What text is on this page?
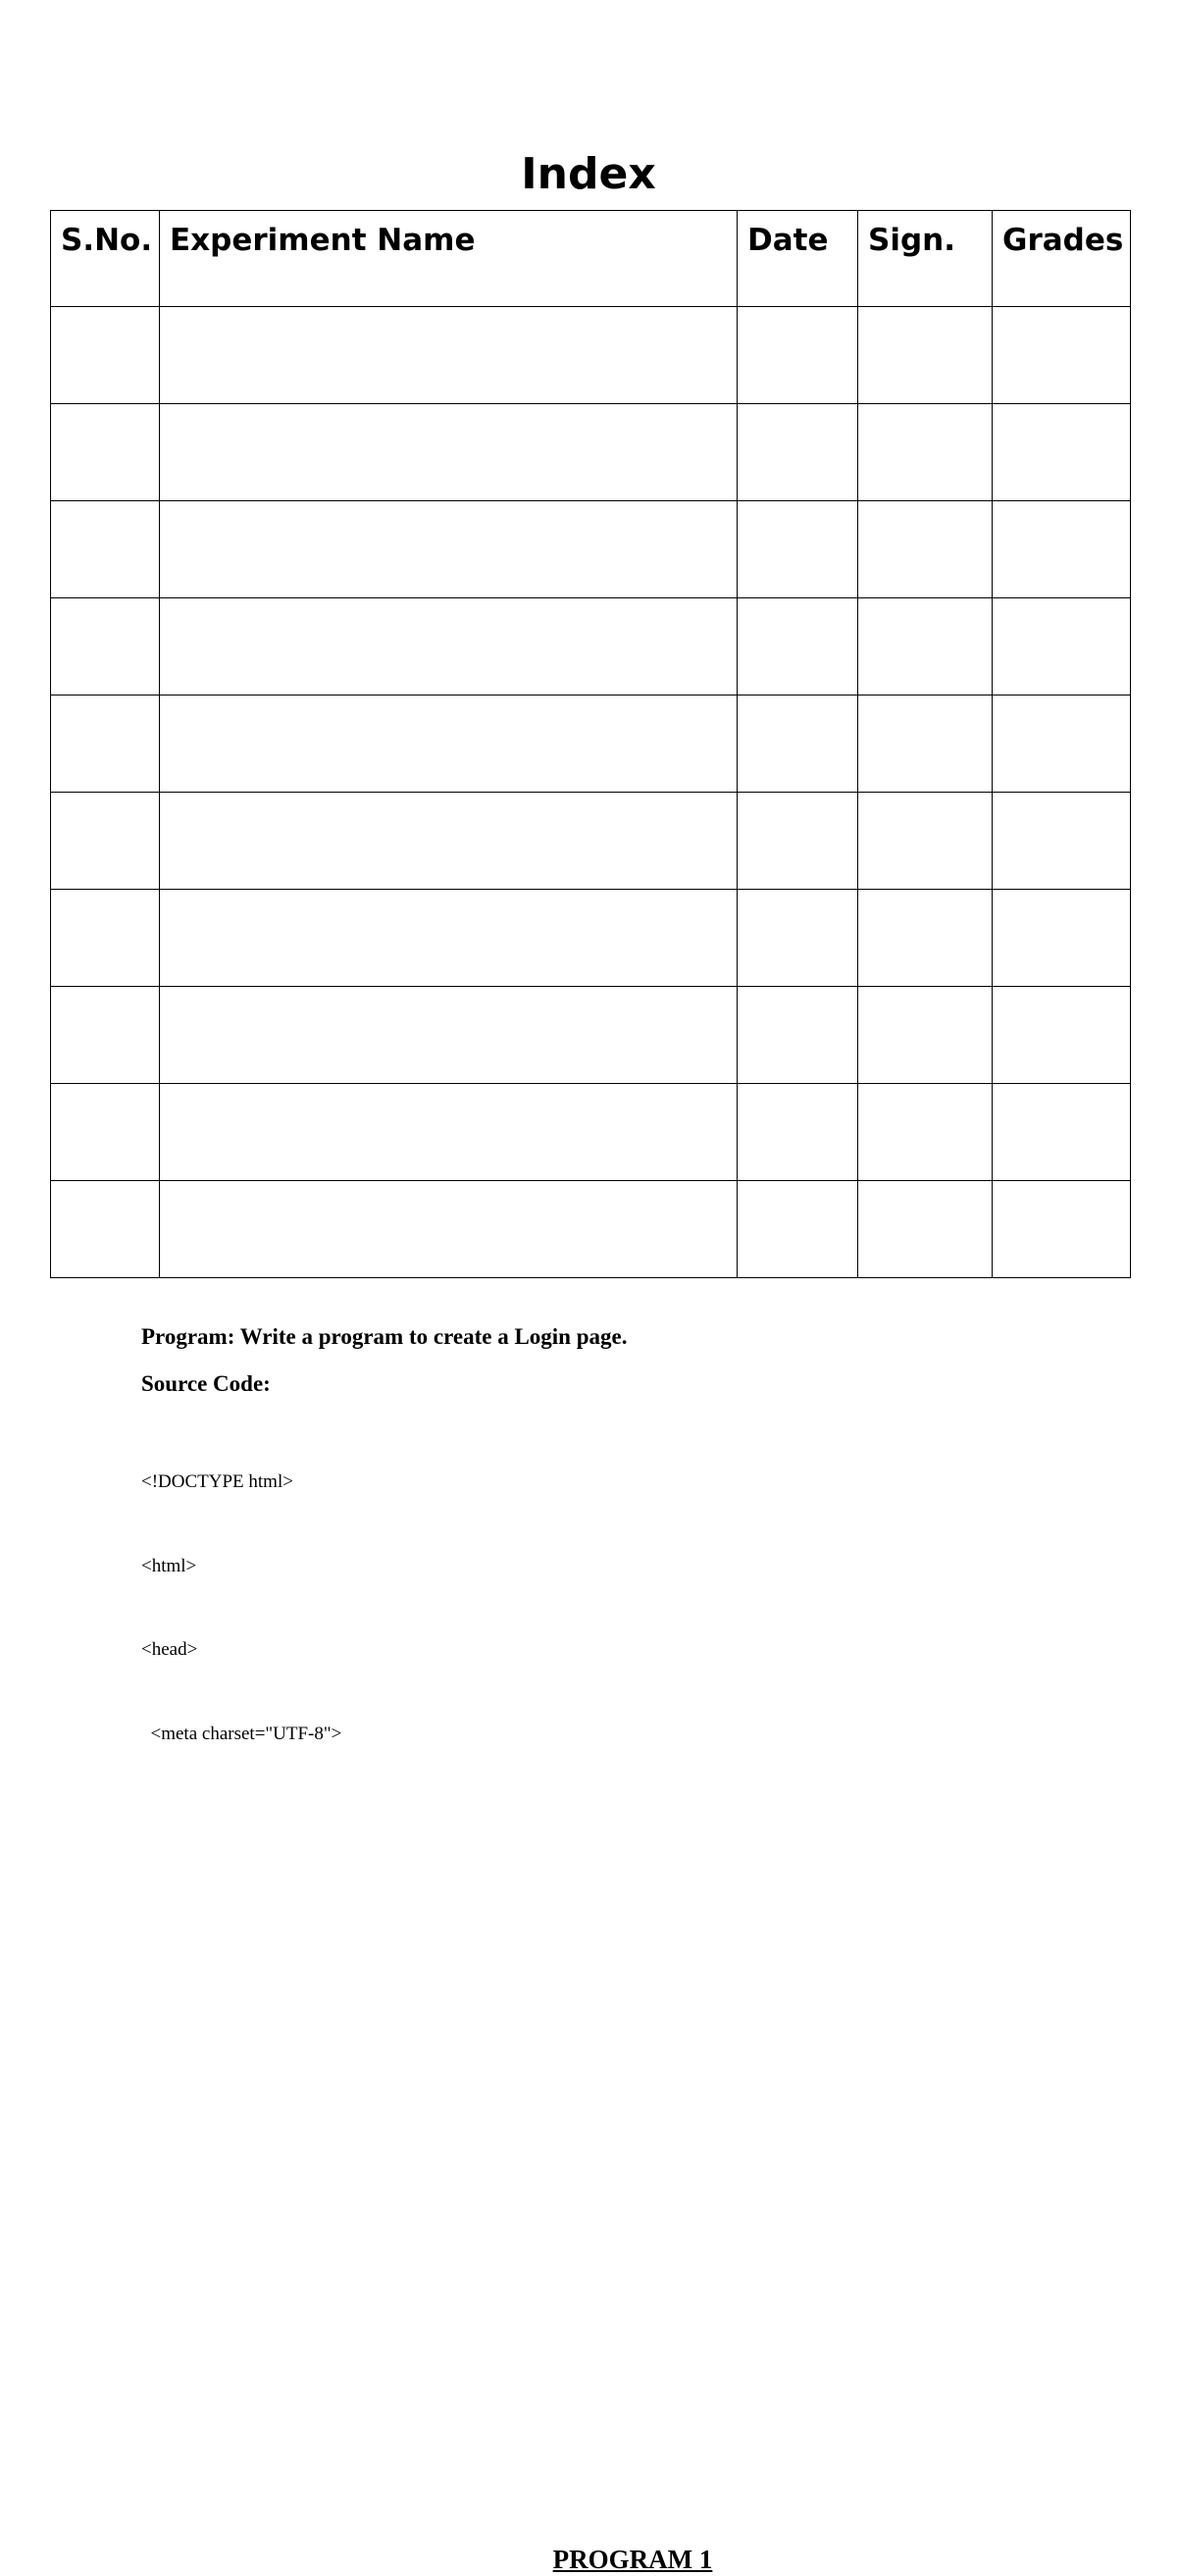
Index
S.No.	Experiment Name	Date	Sign.	Grades

PROGRAM 1

Program: Write a program to create a Login page.

Source Code:

<!DOCTYPE html>

<html>

<head>

<meta charset="UTF-8">
